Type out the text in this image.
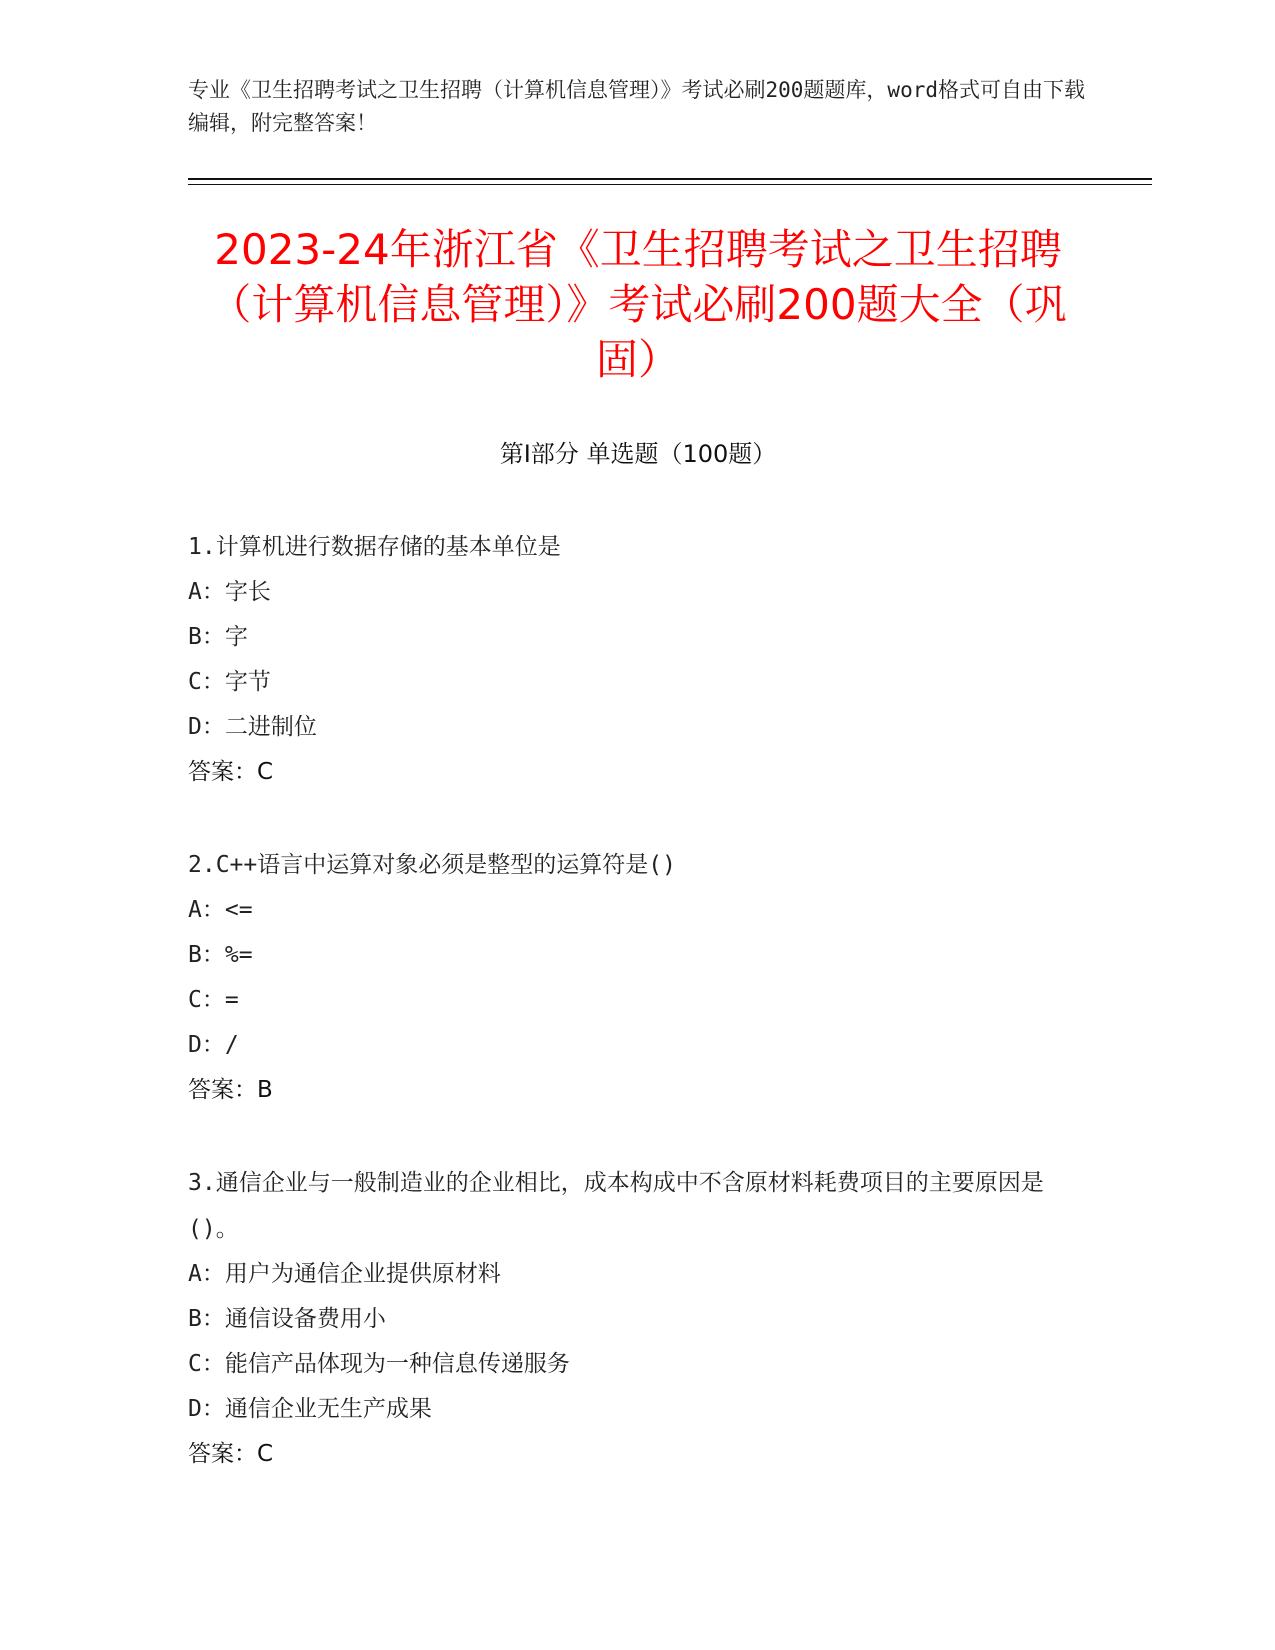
专业《卫生招聘考试之卫生招聘（计算机信息管理）》考试必刷200题题库，word格式可自由下载编辑，附完整答案！
2023-24年浙江省《卫生招聘考试之卫生招聘（计算机信息管理）》考试必刷200题大全（巩固）
第Ⅰ部分 单选题（100题）
1.计算机进行数据存储的基本单位是
A：字长
B：字
C：字节
D：二进制位
答案：C
2.C++语言中运算对象必须是整型的运算符是()
A：<=
B：%=
C：=
D：/
答案：B
3.通信企业与一般制造业的企业相比，成本构成中不含原材料耗费项目的主要原因是()。
A：用户为通信企业提供原材料
B：通信设备费用小
C：能信产品体现为一种信息传递服务
D：通信企业无生产成果
答案：C
